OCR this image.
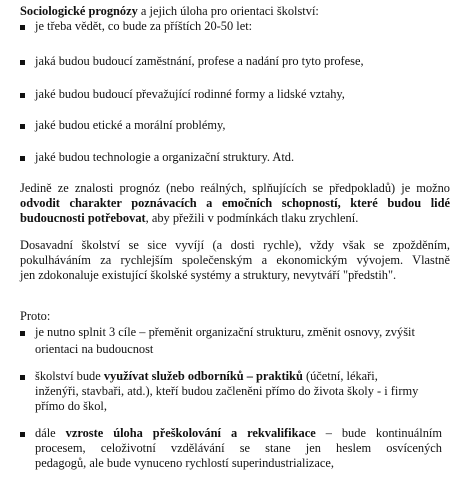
Sociologické prognózy a jejich úloha pro orientaci školství:

je třeba vědět, co bude za příštích 20-50 let:

jaká budou budoucí zaměstnání, profese a nadání pro tyto profese,

jaké budou budoucí převažující rodinné formy a lidské vztahy,

jaké budou etické a morální problémy,

jaké budou technologie a organizační struktury. Atd.

Jedině ze znalosti prognóz (nebo reálných, splňujících se předpokladů) je možno

odvodit charakter poznávacích a emočních schopností, které budou lidé

budoucnosti potřebovat, aby přežili v podmínkách tlaku zrychlení.

Dosavadní školství se sice vyvíjí (a dosti rychle), vždy však se zpožděním,

pokulháváním za rychlejším společenským a ekonomickým vývojem. Vlastně

jen zdokonaluje existující školské systémy a struktury, nevytváří "předstih".

Proto:

je nutno splnit 3 cíle – přeměnit organizační strukturu, změnit osnovy, zvýšit

orientaci na budoucnost

školství bude využívat služeb odborníků – praktiků (účetní, lékaři,

inženýři, stavbaři, atd.), kteří budou začleněni přímo do života školy - i firmy

přímo do škol,

dále vzroste úloha přeškolování a rekvalifikace – bude kontinuálním

procesem, celoživotní vzdělávání se stane jen heslem osvícených

pedagogů, ale bude vynuceno rychlostí superindustrializace,
